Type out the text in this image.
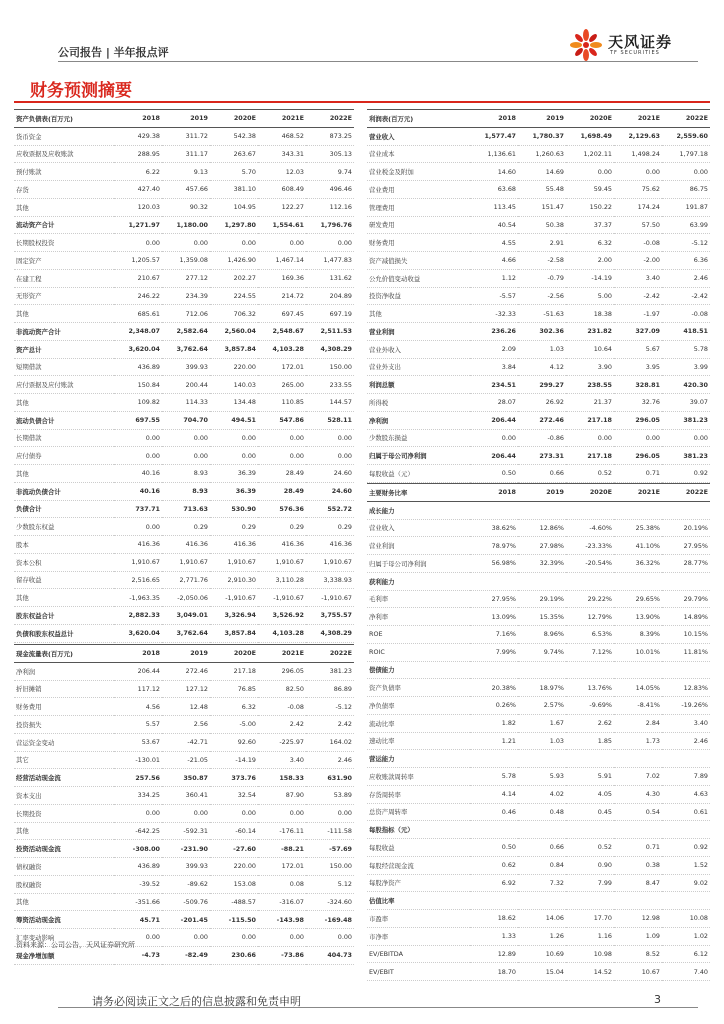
公司报告 | 半年报点评
天风证券
TF SECURITIES
财务预测摘要
资产负债表(百万元)	2018	2019	2020E	2021E	2022E
货币资金	429.38	311.72	542.38	468.52	873.25
应收票据及应收账款	288.95	311.17	263.67	343.31	305.13
预付账款	6.22	9.13	5.70	12.03	9.74
存货	427.40	457.66	381.10	608.49	496.46
其他	120.03	90.32	104.95	122.27	112.16
流动资产合计	1,271.97	1,180.00	1,297.80	1,554.61	1,796.76
长期股权投资	0.00	0.00	0.00	0.00	0.00
固定资产	1,205.57	1,359.08	1,426.90	1,467.14	1,477.83
在建工程	210.67	277.12	202.27	169.36	131.62
无形资产	246.22	234.39	224.55	214.72	204.89
其他	685.61	712.06	706.32	697.45	697.19
非流动资产合计	2,348.07	2,582.64	2,560.04	2,548.67	2,511.53
资产总计	3,620.04	3,762.64	3,857.84	4,103.28	4,308.29
短期借款	436.89	399.93	220.00	172.01	150.00
应付票据及应付账款	150.84	200.44	140.03	265.00	233.55
其他	109.82	114.33	134.48	110.85	144.57
流动负债合计	697.55	704.70	494.51	547.86	528.11
长期借款	0.00	0.00	0.00	0.00	0.00
应付债券	0.00	0.00	0.00	0.00	0.00
其他	40.16	8.93	36.39	28.49	24.60
非流动负债合计	40.16	8.93	36.39	28.49	24.60
负债合计	737.71	713.63	530.90	576.36	552.72
少数股东权益	0.00	0.29	0.29	0.29	0.29
股本	416.36	416.36	416.36	416.36	416.36
资本公积	1,910.67	1,910.67	1,910.67	1,910.67	1,910.67
留存收益	2,516.65	2,771.76	2,910.30	3,110.28	3,338.93
其他	-1,963.35	-2,050.06	-1,910.67	-1,910.67	-1,910.67
股东权益合计	2,882.33	3,049.01	3,326.94	3,526.92	3,755.57
负债和股东权益总计	3,620.04	3,762.64	3,857.84	4,103.28	4,308.29
利润表(百万元)	2018	2019	2020E	2021E	2022E
营业收入	1,577.47	1,780.37	1,698.49	2,129.63	2,559.60
营业成本	1,136.61	1,260.63	1,202.11	1,498.24	1,797.18
营业税金及附加	14.60	14.69	0.00	0.00	0.00
营业费用	63.68	55.48	59.45	75.62	86.75
管理费用	113.45	151.47	150.22	174.24	191.87
研发费用	40.54	50.38	37.37	57.50	63.99
财务费用	4.55	2.91	6.32	-0.08	-5.12
资产减值损失	4.66	-2.58	2.00	-2.00	6.36
公允价值变动收益	1.12	-0.79	-14.19	3.40	2.46
投资净收益	-5.57	-2.56	5.00	-2.42	-2.42
其他	-32.33	-51.63	18.38	-1.97	-0.08
营业利润	236.26	302.36	231.82	327.09	418.51
营业外收入	2.09	1.03	10.64	5.67	5.78
营业外支出	3.84	4.12	3.90	3.95	3.99
利润总额	234.51	299.27	238.55	328.81	420.30
所得税	28.07	26.92	21.37	32.76	39.07
净利润	206.44	272.46	217.18	296.05	381.23
少数股东损益	0.00	-0.86	0.00	0.00	0.00
归属于母公司净利润	206.44	273.31	217.18	296.05	381.23
每股收益（元）	0.50	0.66	0.52	0.71	0.92
主要财务比率	2018	2019	2020E	2021E	2022E
成长能力					
营业收入	38.62%	12.86%	-4.60%	25.38%	20.19%
营业利润	78.97%	27.98%	-23.33%	41.10%	27.95%
归属于母公司净利润	56.98%	32.39%	-20.54%	36.32%	28.77%
获利能力					
毛利率	27.95%	29.19%	29.22%	29.65%	29.79%
净利率	13.09%	15.35%	12.79%	13.90%	14.89%
ROE	7.16%	8.96%	6.53%	8.39%	10.15%
ROIC	7.99%	9.74%	7.12%	10.01%	11.81%
偿债能力					
资产负债率	20.38%	18.97%	13.76%	14.05%	12.83%
净负债率	0.26%	2.57%	-9.69%	-8.41%	-19.26%
流动比率	1.82	1.67	2.62	2.84	3.40
速动比率	1.21	1.03	1.85	1.73	2.46
营运能力					
应收账款周转率	5.78	5.93	5.91	7.02	7.89
存货周转率	4.14	4.02	4.05	4.30	4.63
总资产周转率	0.46	0.48	0.45	0.54	0.61
每股指标（元）					
每股收益	0.50	0.66	0.52	0.71	0.92
每股经营现金流	0.62	0.84	0.90	0.38	1.52
每股净资产	6.92	7.32	7.99	8.47	9.02
估值比率					
市盈率	18.62	14.06	17.70	12.98	10.08
市净率	1.33	1.26	1.16	1.09	1.02
EV/EBITDA	12.89	10.69	10.98	8.52	6.12
EV/EBIT	18.70	15.04	14.52	10.67	7.40
现金流量表(百万元)	2018	2019	2020E	2021E	2022E
净利润	206.44	272.46	217.18	296.05	381.23
折旧摊销	117.12	127.12	76.85	82.50	86.89
财务费用	4.56	12.48	6.32	-0.08	-5.12
投资损失	5.57	2.56	-5.00	2.42	2.42
营运资金变动	53.67	-42.71	92.60	-225.97	164.02
其它	-130.01	-21.05	-14.19	3.40	2.46
经营活动现金流	257.56	350.87	373.76	158.33	631.90
资本支出	334.25	360.41	32.54	87.90	53.89
长期投资	0.00	0.00	0.00	0.00	0.00
其他	-642.25	-592.31	-60.14	-176.11	-111.58
投资活动现金流	-308.00	-231.90	-27.60	-88.21	-57.69
债权融资	436.89	399.93	220.00	172.01	150.00
股权融资	-39.52	-89.62	153.08	0.08	5.12
其他	-351.66	-509.76	-488.57	-316.07	-324.60
筹资活动现金流	45.71	-201.45	-115.50	-143.98	-169.48
汇率变动影响	0.00	0.00	0.00	0.00	0.00
现金净增加额	-4.73	-82.49	230.66	-73.86	404.73
资料来源：公司公告，天风证券研究所
请务必阅读正文之后的信息披露和免责申明	3
